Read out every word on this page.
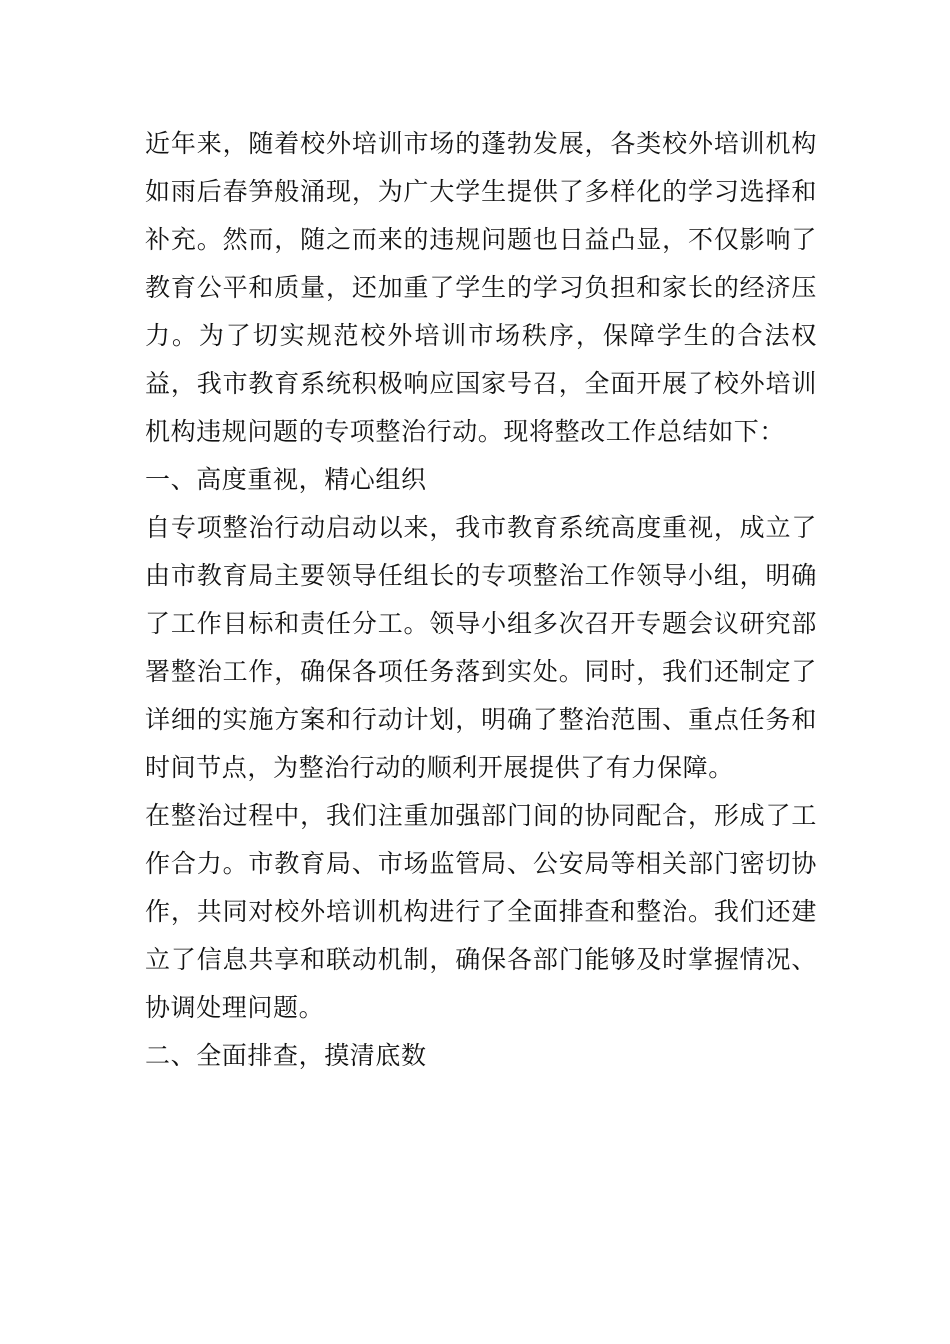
近年来，随着校外培训市场的蓬勃发展，各类校外培训机构如雨后春笋般涌现，为广大学生提供了多样化的学习选择和补充。然而，随之而来的违规问题也日益凸显，不仅影响了教育公平和质量，还加重了学生的学习负担和家长的经济压力。为了切实规范校外培训市场秩序，保障学生的合法权益，我市教育系统积极响应国家号召，全面开展了校外培训机构违规问题的专项整治行动。现将整改工作总结如下：

一、高度重视，精心组织

自专项整治行动启动以来，我市教育系统高度重视，成立了由市教育局主要领导任组长的专项整治工作领导小组，明确了工作目标和责任分工。领导小组多次召开专题会议研究部署整治工作，确保各项任务落到实处。同时，我们还制定了详细的实施方案和行动计划，明确了整治范围、重点任务和时间节点，为整治行动的顺利开展提供了有力保障。

在整治过程中，我们注重加强部门间的协同配合，形成了工作合力。市教育局、市场监管局、公安局等相关部门密切协作，共同对校外培训机构进行了全面排查和整治。我们还建立了信息共享和联动机制，确保各部门能够及时掌握情况、协调处理问题。

二、全面排查，摸清底数
